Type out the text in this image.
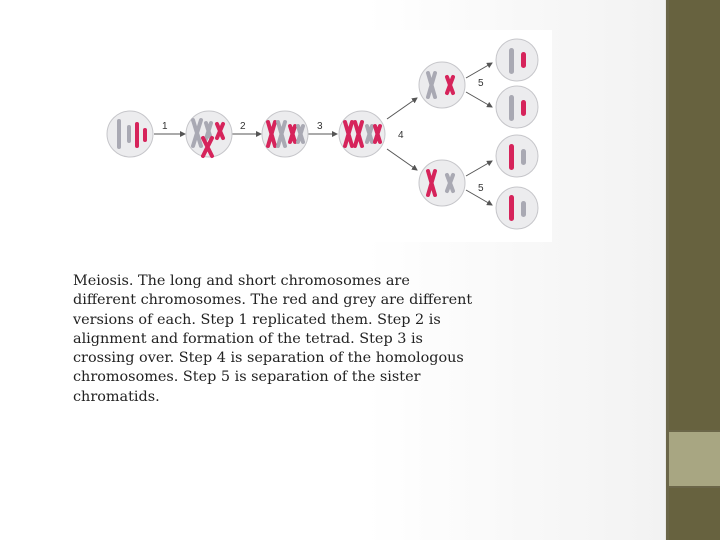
1	2	3
4
5
5
Meiosis. The long and short chromosomes are different chromosomes. The red and grey are different versions of each. Step 1 replicated them. Step 2 is alignment and formation of the tetrad. Step 3 is crossing over. Step 4 is separation of the homologous chromosomes. Step 5 is separation of the sister chromatids.
